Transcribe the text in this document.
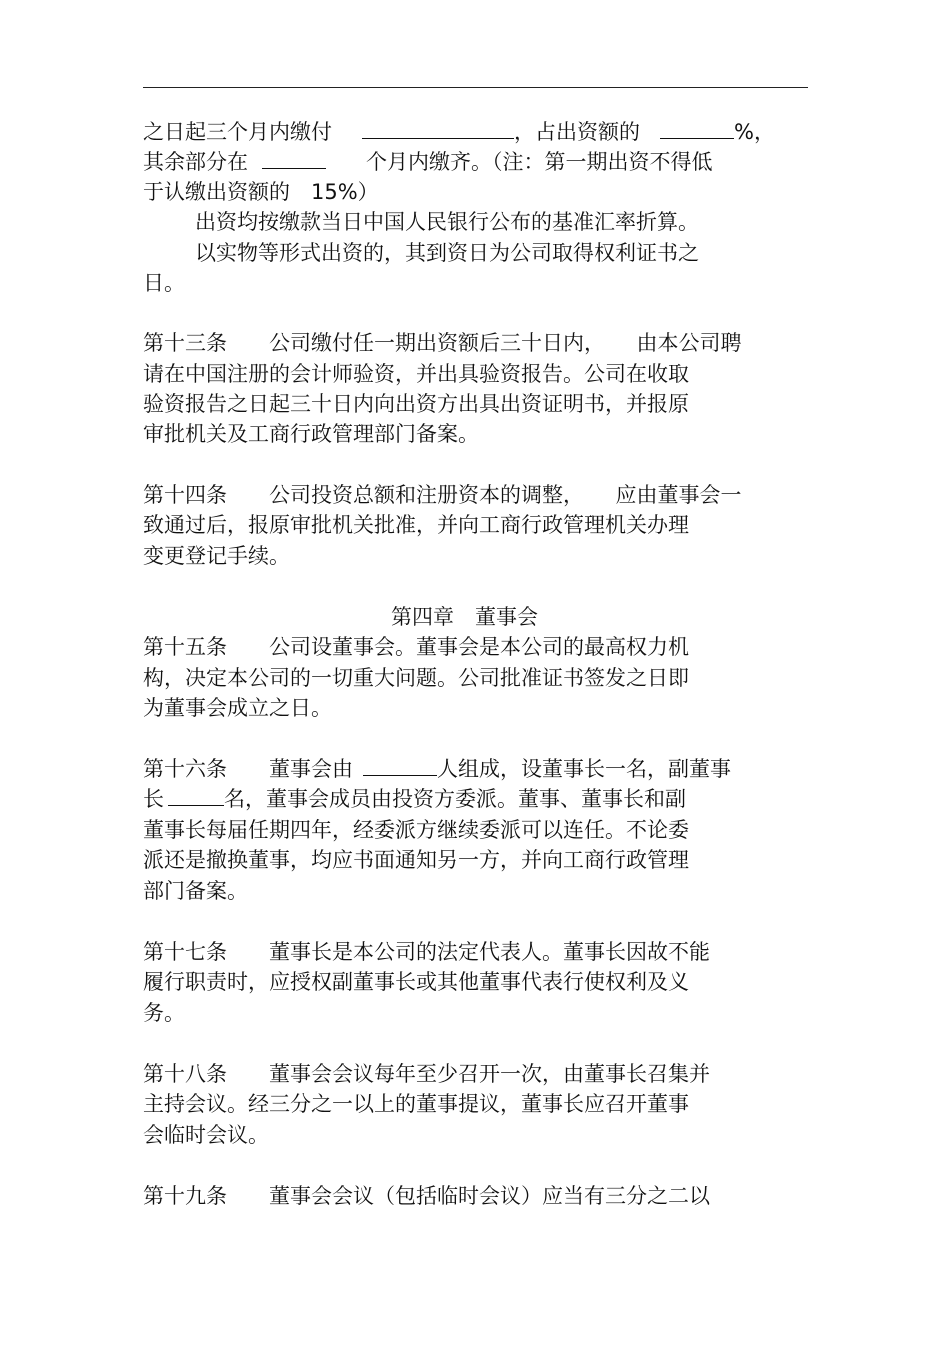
之日起三个月内缴付	，占出资额的	%，
其余部分在	个月内缴齐。（注：第一期出资不得低
于认缴出资额的　15%）
出资均按缴款当日中国人民银行公布的基准汇率折算。
以实物等形式出资的，其到资日为公司取得权利证书之
日。
第十三条　　公司缴付任一期出资额后三十日内，　　由本公司聘
请在中国注册的会计师验资，并出具验资报告。公司在收取
验资报告之日起三十日内向出资方出具出资证明书，并报原
审批机关及工商行政管理部门备案。
第十四条　　公司投资总额和注册资本的调整，　　应由董事会一
致通过后，报原审批机关批准，并向工商行政管理机关办理
变更登记手续。
第四章　董事会
第十五条　　公司设董事会。董事会是本公司的最高权力机
构，决定本公司的一切重大问题。公司批准证书签发之日即
为董事会成立之日。
第十六条　　董事会由	人组成，设董事长一名，副董事
长	名，董事会成员由投资方委派。董事、董事长和副
董事长每届任期四年，经委派方继续委派可以连任。不论委
派还是撤换董事，均应书面通知另一方，并向工商行政管理
部门备案。
第十七条　　董事长是本公司的法定代表人。董事长因故不能
履行职责时，应授权副董事长或其他董事代表行使权利及义
务。
第十八条　　董事会会议每年至少召开一次，由董事长召集并
主持会议。经三分之一以上的董事提议，董事长应召开董事
会临时会议。
第十九条　　董事会会议（包括临时会议）应当有三分之二以
